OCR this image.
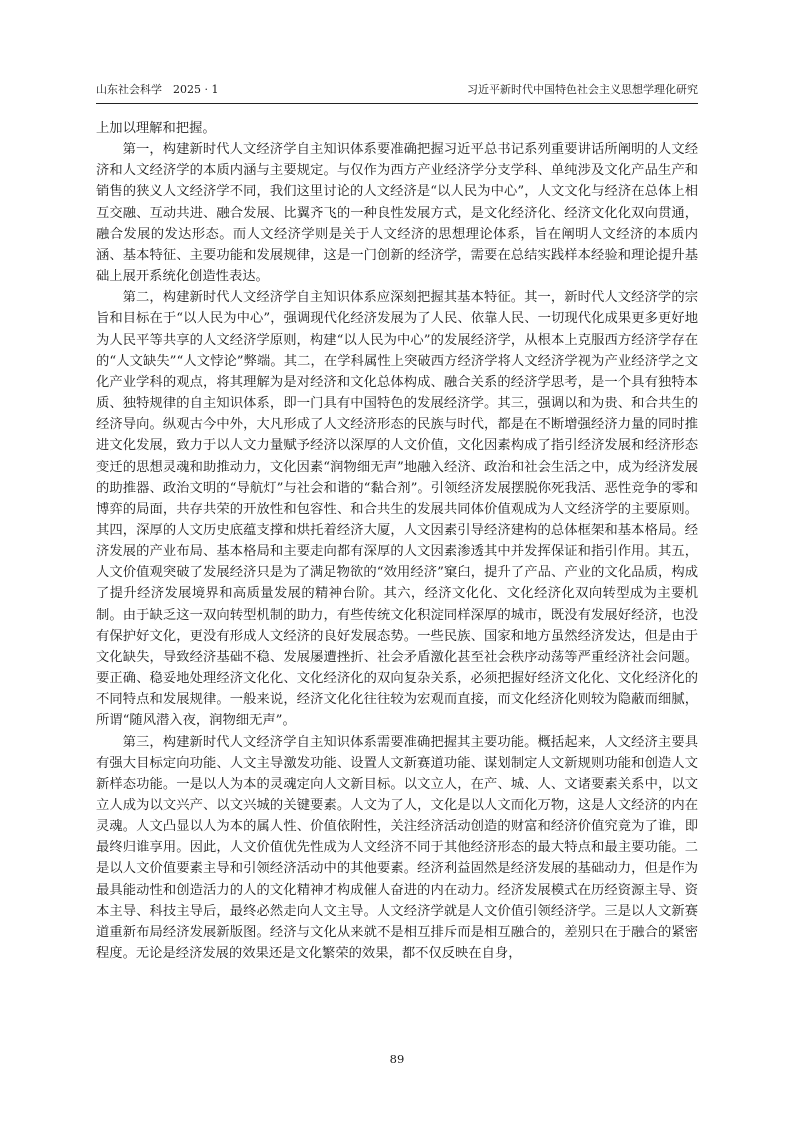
山东社会科学　2025 · 1	习近平新时代中国特色社会主义思想学理化研究

上加以理解和把握。

第一，构建新时代人文经济学自主知识体系要准确把握习近平总书记系列重要讲话所阐明的人文经济和人文经济学的本质内涵与主要规定。与仅作为西方产业经济学分支学科、单纯涉及文化产品生产和销售的狭义人文经济学不同，我们这里讨论的人文经济是“以人民为中心”，人文文化与经济在总体上相互交融、互动共进、融合发展、比翼齐飞的一种良性发展方式，是文化经济化、经济文化化双向贯通，融合发展的发达形态。而人文经济学则是关于人文经济的思想理论体系，旨在阐明人文经济的本质内涵、基本特征、主要功能和发展规律，这是一门创新的经济学，需要在总结实践样本经验和理论提升基础上展开系统化创造性表达。

第二，构建新时代人文经济学自主知识体系应深刻把握其基本特征。其一，新时代人文经济学的宗旨和目标在于“以人民为中心”，强调现代化经济发展为了人民、依靠人民、一切现代化成果更多更好地为人民平等共享的人文经济学原则，构建“以人民为中心”的发展经济学，从根本上克服西方经济学存在的“人文缺失”“人文悖论”弊端。其二，在学科属性上突破西方经济学将人文经济学视为产业经济学之文化产业学科的观点，将其理解为是对经济和文化总体构成、融合关系的经济学思考，是一个具有独特本质、独特规律的自主知识体系，即一门具有中国特色的发展经济学。其三，强调以和为贵、和合共生的经济导向。纵观古今中外，大凡形成了人文经济形态的民族与时代，都是在不断增强经济力量的同时推进文化发展，致力于以人文力量赋予经济以深厚的人文价值，文化因素构成了指引经济发展和经济形态变迁的思想灵魂和助推动力，文化因素“润物细无声”地融入经济、政治和社会生活之中，成为经济发展的助推器、政治文明的“导航灯”与社会和谐的“黏合剂”。引领经济发展摆脱你死我活、恶性竞争的零和博弈的局面，共存共荣的开放性和包容性、和合共生的发展共同体价值观成为人文经济学的主要原则。其四，深厚的人文历史底蕴支撑和烘托着经济大厦，人文因素引导经济建构的总体框架和基本格局。经济发展的产业布局、基本格局和主要走向都有深厚的人文因素渗透其中并发挥保证和指引作用。其五，人文价值观突破了发展经济只是为了满足物欲的“效用经济”窠臼，提升了产品、产业的文化品质，构成了提升经济发展境界和高质量发展的精神台阶。其六，经济文化化、文化经济化双向转型成为主要机制。由于缺乏这一双向转型机制的助力，有些传统文化积淀同样深厚的城市，既没有发展好经济，也没有保护好文化，更没有形成人文经济的良好发展态势。一些民族、国家和地方虽然经济发达，但是由于文化缺失，导致经济基础不稳、发展屡遭挫折、社会矛盾激化甚至社会秩序动荡等严重经济社会问题。要正确、稳妥地处理经济文化化、文化经济化的双向复杂关系，必须把握好经济文化化、文化经济化的不同特点和发展规律。一般来说，经济文化化往往较为宏观而直接，而文化经济化则较为隐蔽而细腻，所谓“随风潜入夜，润物细无声”。

第三，构建新时代人文经济学自主知识体系需要准确把握其主要功能。概括起来，人文经济主要具有强大目标定向功能、人文主导激发功能、设置人文新赛道功能、谋划制定人文新规则功能和创造人文新样态功能。一是以人为本的灵魂定向人文新目标。以文立人，在产、城、人、文诸要素关系中，以文立人成为以文兴产、以文兴城的关键要素。人文为了人，文化是以人文而化万物，这是人文经济的内在灵魂。人文凸显以人为本的属人性、价值依附性，关注经济活动创造的财富和经济价值究竟为了谁，即最终归谁享用。因此，人文价值优先性成为人文经济不同于其他经济形态的最大特点和最主要功能。二是以人文价值要素主导和引领经济活动中的其他要素。经济利益固然是经济发展的基础动力，但是作为最具能动性和创造活力的人的文化精神才构成催人奋进的内在动力。经济发展模式在历经资源主导、资本主导、科技主导后，最终必然走向人文主导。人文经济学就是人文价值引领经济学。三是以人文新赛道重新布局经济发展新版图。经济与文化从来就不是相互排斥而是相互融合的，差别只在于融合的紧密程度。无论是经济发展的效果还是文化繁荣的效果，都不仅反映在自身，

89
